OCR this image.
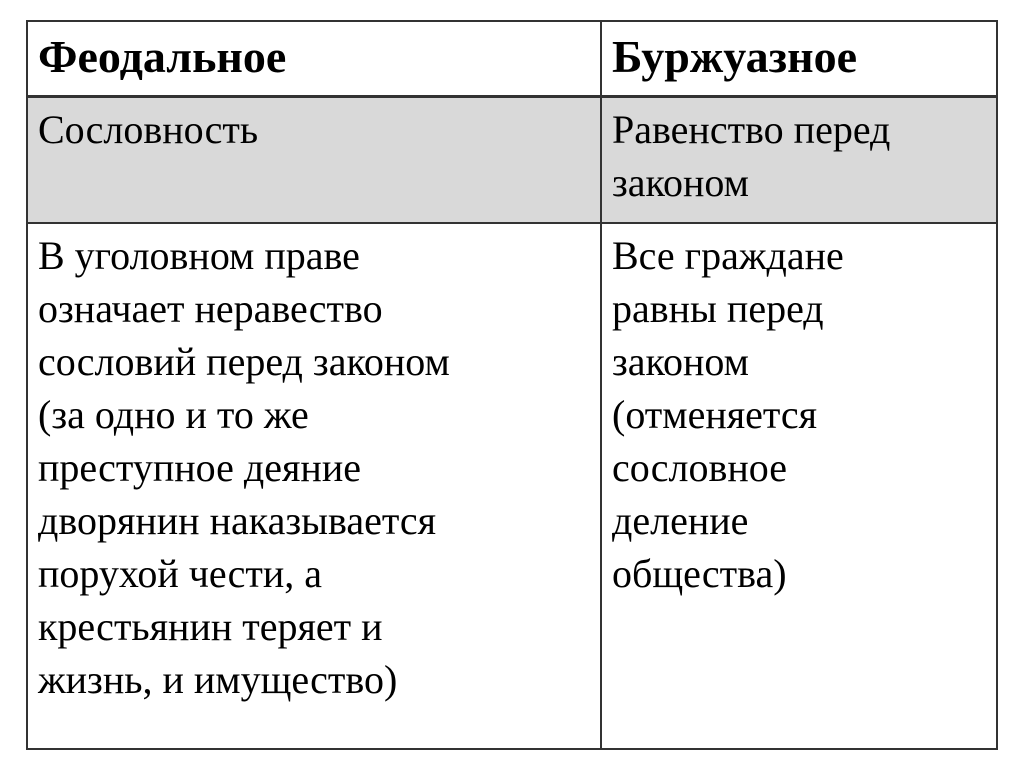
Феодальное	Буржуазное
Сословность	Равенство перед
законом
В уголовном праве
означает неравество
сословий перед законом
(за одно и то же
преступное деяние
дворянин наказывается
порухой чести, а
крестьянин теряет и
жизнь, и имущество)
Все граждане
равны перед
законом
(отменяется
сословное
деление
общества)
